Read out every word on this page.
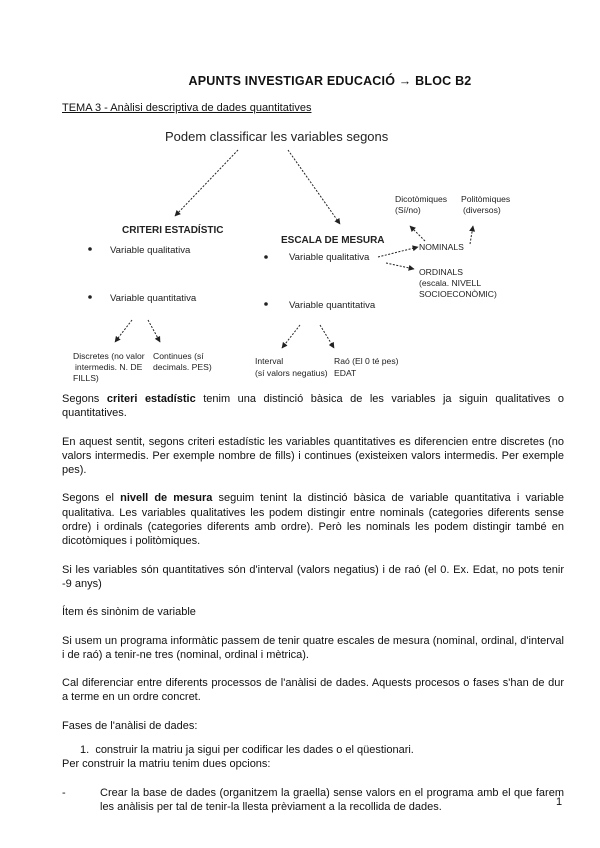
APUNTS INVESTIGAR EDUCACIÓ → BLOC B2
TEMA 3 - Anàlisi descriptiva de dades quantitatives
Podem classificar les variables segons
CRITERI ESTADÍSTIC
Variable qualitativa
Variable quantitativa
Discretes (no valor
intermedis. N. DE
FILLS)
Continues (sí
decimals. PES)
ESCALA DE MESURA
Variable qualitativa
Variable quantitativa
NOMINALS
Dicotòmiques
(Sí/no)
Politòmiques
(diversos)
ORDINALS
(escala. NIVELL
SOCIOECONÒMIC)
Interval
(sí valors negatius)
Raó (El 0 té pes)
EDAT

Segons criteri estadístic tenim una distinció bàsica de les variables ja siguin qualitatives o quantitatives.

En aquest sentit, segons criteri estadístic les variables quantitatives es diferencien entre discretes (no valors intermedis. Per exemple nombre de fills) i continues (existeixen valors intermedis. Per exemple pes).

Segons el nivell de mesura seguim tenint la distinció bàsica de variable quantitativa i variable qualitativa. Les variables qualitatives les podem distingir entre nominals (categories diferents sense ordre) i ordinals (categories diferents amb ordre). Però les nominals les podem distingir també en dicotòmiques i politòmiques.

Si les variables són quantitatives són d'interval (valors negatius) i de raó (el 0. Ex. Edat, no pots tenir -9 anys)

Ítem és sinònim de variable

Si usem un programa informàtic passem de tenir quatre escales de mesura (nominal, ordinal, d'interval i de raó) a tenir-ne tres (nominal, ordinal i mètrica).

Cal diferenciar entre diferents processos de l'anàlisi de dades. Aquests procesos o fases s'han de dur a terme en un ordre concret.

Fases de l'anàlisi de dades:

1. construir la matriu ja sigui per codificar les dades o el qüestionari.
Per construir la matriu tenim dues opcions:
-	Crear la base de dades (organitzem la graella) sense valors en el programa amb el que farem les anàlisis per tal de tenir-la llesta prèviament a la recollida de dades.	1
